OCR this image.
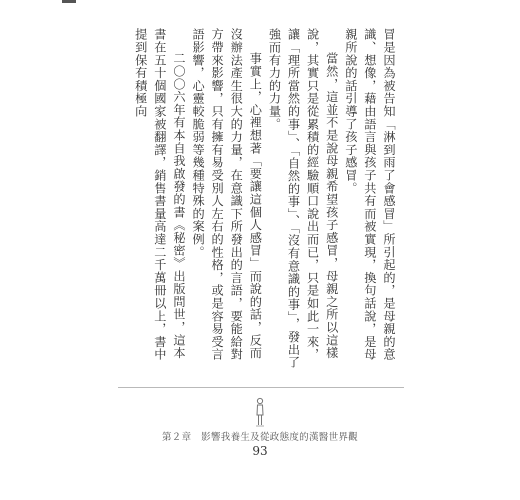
冒是因為被告知「淋到雨了會感冒」所引起的，是母親的意識、想像，藉由語言與孩子共有而被實現，換句話說，是母親所說的話引導了孩子感冒。

當然，這並不是說母親希望孩子感冒，母親之所以這樣說，其實只是從累積的經驗順口說出而已，只是如此一來，讓「理所當然的事」、「自然的事」、「沒有意識的事」，發出了強而有力的力量。

事實上，心裡想著「要讓這個人感冒」而說的話，反而沒辦法產生很大的力量，在意識下所發出的言語，要能給對方帶來影響，只有擁有易受別人左右的性格，或是容易受言語影響，心靈較脆弱等幾種特殊的案例。

二〇〇六年有本自我啟發的書《秘密》出版問世，這本書在五十個國家被翻譯，銷售書量高達二千萬冊以上，書中提到保有積極向

第２章　影響我養生及從政態度的漢醫世界觀
93
